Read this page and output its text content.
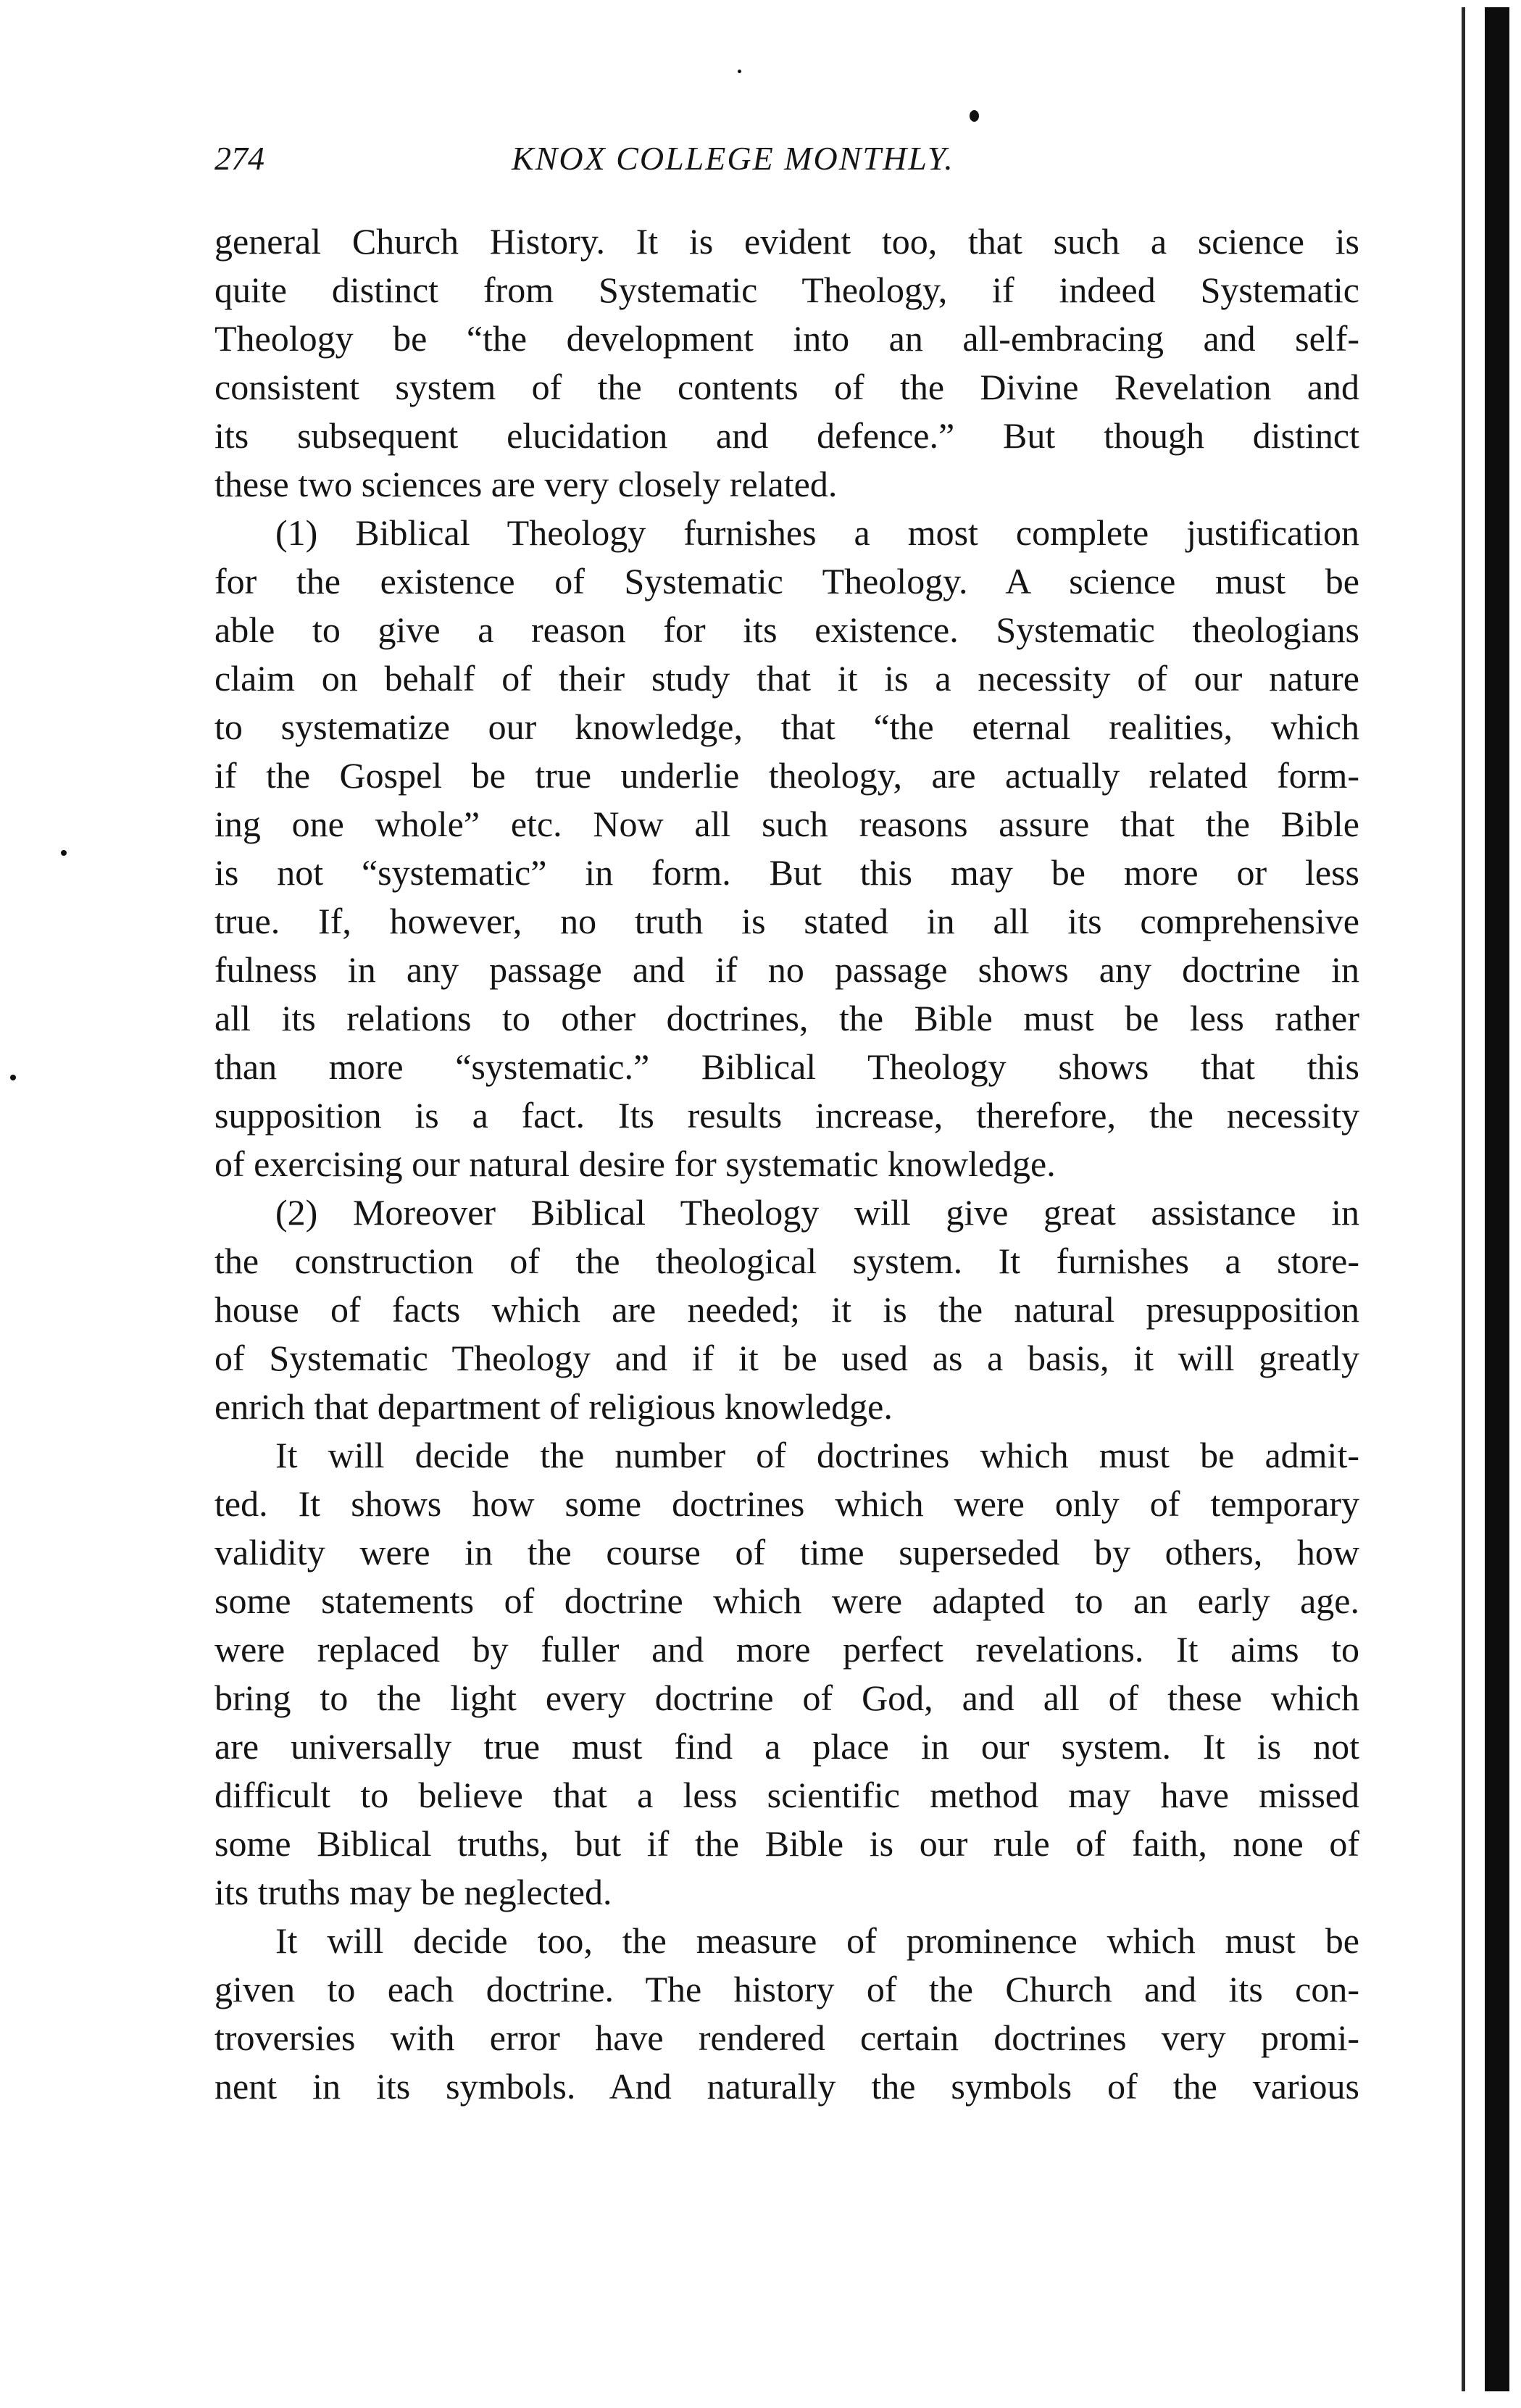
274	KNOX COLLEGE MONTHLY.
general Church History. It is evident too, that such a science is
quite distinct from Systematic Theology, if indeed Systematic
Theology be “the development into an all-embracing and self-
consistent system of the contents of the Divine Revelation and
its subsequent elucidation and defence.” But though distinct
these two sciences are very closely related.
(1) Biblical Theology furnishes a most complete justification
for the existence of Systematic Theology. A science must be
able to give a reason for its existence. Systematic theologians
claim on behalf of their study that it is a necessity of our nature
to systematize our knowledge, that “the eternal realities, which
if the Gospel be true underlie theology, are actually related form-
ing one whole” etc. Now all such reasons assure that the Bible
is not “systematic” in form. But this may be more or less
true. If, however, no truth is stated in all its comprehensive
fulness in any passage and if no passage shows any doctrine in
all its relations to other doctrines, the Bible must be less rather
than more “systematic.” Biblical Theology shows that this
supposition is a fact. Its results increase, therefore, the necessity
of exercising our natural desire for systematic knowledge.
(2) Moreover Biblical Theology will give great assistance in
the construction of the theological system. It furnishes a store-
house of facts which are needed; it is the natural presupposition
of Systematic Theology and if it be used as a basis, it will greatly
enrich that department of religious knowledge.
It will decide the number of doctrines which must be admit-
ted. It shows how some doctrines which were only of temporary
validity were in the course of time superseded by others, how
some statements of doctrine which were adapted to an early age.
were replaced by fuller and more perfect revelations. It aims to
bring to the light every doctrine of God, and all of these which
are universally true must find a place in our system. It is not
difficult to believe that a less scientific method may have missed
some Biblical truths, but if the Bible is our rule of faith, none of
its truths may be neglected.
It will decide too, the measure of prominence which must be
given to each doctrine. The history of the Church and its con-
troversies with error have rendered certain doctrines very promi-
nent in its symbols. And naturally the symbols of the various
